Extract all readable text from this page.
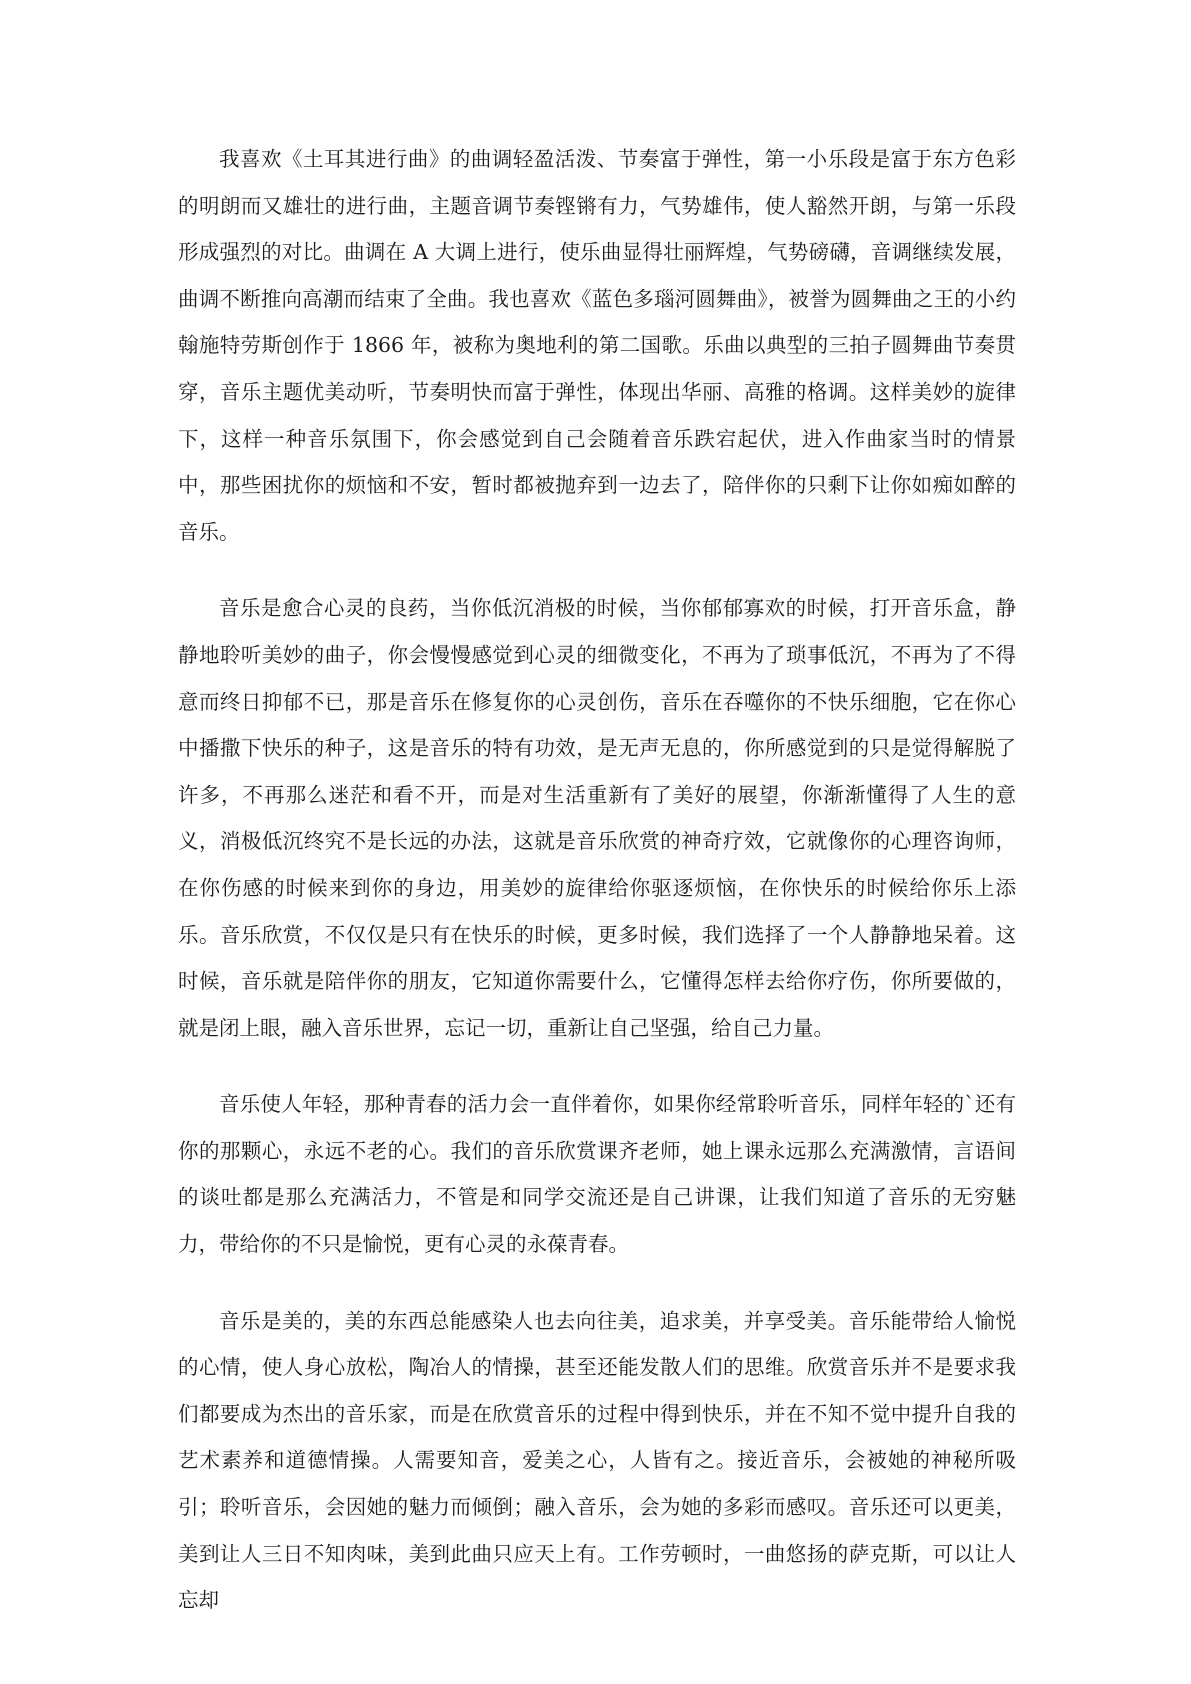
我喜欢《土耳其进行曲》的曲调轻盈活泼、节奏富于弹性，第一小乐段是富于东方色彩的明朗而又雄壮的进行曲，主题音调节奏铿锵有力，气势雄伟，使人豁然开朗，与第一乐段形成强烈的对比。曲调在 A 大调上进行，使乐曲显得壮丽辉煌，气势磅礴，音调继续发展，曲调不断推向高潮而结束了全曲。我也喜欢《蓝色多瑙河圆舞曲》，被誉为圆舞曲之王的小约翰施特劳斯创作于 1866 年，被称为奥地利的第二国歌。乐曲以典型的三拍子圆舞曲节奏贯穿，音乐主题优美动听，节奏明快而富于弹性，体现出华丽、高雅的格调。这样美妙的旋律下，这样一种音乐氛围下，你会感觉到自己会随着音乐跌宕起伏，进入作曲家当时的情景中，那些困扰你的烦恼和不安，暂时都被抛弃到一边去了，陪伴你的只剩下让你如痴如醉的音乐。

音乐是愈合心灵的良药，当你低沉消极的时候，当你郁郁寡欢的时候，打开音乐盒，静静地聆听美妙的曲子，你会慢慢感觉到心灵的细微变化，不再为了琐事低沉，不再为了不得意而终日抑郁不已，那是音乐在修复你的心灵创伤，音乐在吞噬你的不快乐细胞，它在你心中播撒下快乐的种子，这是音乐的特有功效，是无声无息的，你所感觉到的只是觉得解脱了许多，不再那么迷茫和看不开，而是对生活重新有了美好的展望，你渐渐懂得了人生的意义，消极低沉终究不是长远的办法，这就是音乐欣赏的神奇疗效，它就像你的心理咨询师，在你伤感的时候来到你的身边，用美妙的旋律给你驱逐烦恼，在你快乐的时候给你乐上添乐。音乐欣赏，不仅仅是只有在快乐的时候，更多时候，我们选择了一个人静静地呆着。这时候，音乐就是陪伴你的朋友，它知道你需要什么，它懂得怎样去给你疗伤，你所要做的，就是闭上眼，融入音乐世界，忘记一切，重新让自己坚强，给自己力量。

音乐使人年轻，那种青春的活力会一直伴着你，如果你经常聆听音乐，同样年轻的`还有你的那颗心，永远不老的心。我们的音乐欣赏课齐老师，她上课永远那么充满激情，言语间的谈吐都是那么充满活力，不管是和同学交流还是自己讲课，让我们知道了音乐的无穷魅力，带给你的不只是愉悦，更有心灵的永葆青春。

音乐是美的，美的东西总能感染人也去向往美，追求美，并享受美。音乐能带给人愉悦的心情，使人身心放松，陶冶人的情操，甚至还能发散人们的思维。欣赏音乐并不是要求我们都要成为杰出的音乐家，而是在欣赏音乐的过程中得到快乐，并在不知不觉中提升自我的艺术素养和道德情操。人需要知音，爱美之心，人皆有之。接近音乐，会被她的神秘所吸引；聆听音乐，会因她的魅力而倾倒；融入音乐，会为她的多彩而感叹。音乐还可以更美，美到让人三日不知肉味，美到此曲只应天上有。工作劳顿时，一曲悠扬的萨克斯，可以让人忘却
